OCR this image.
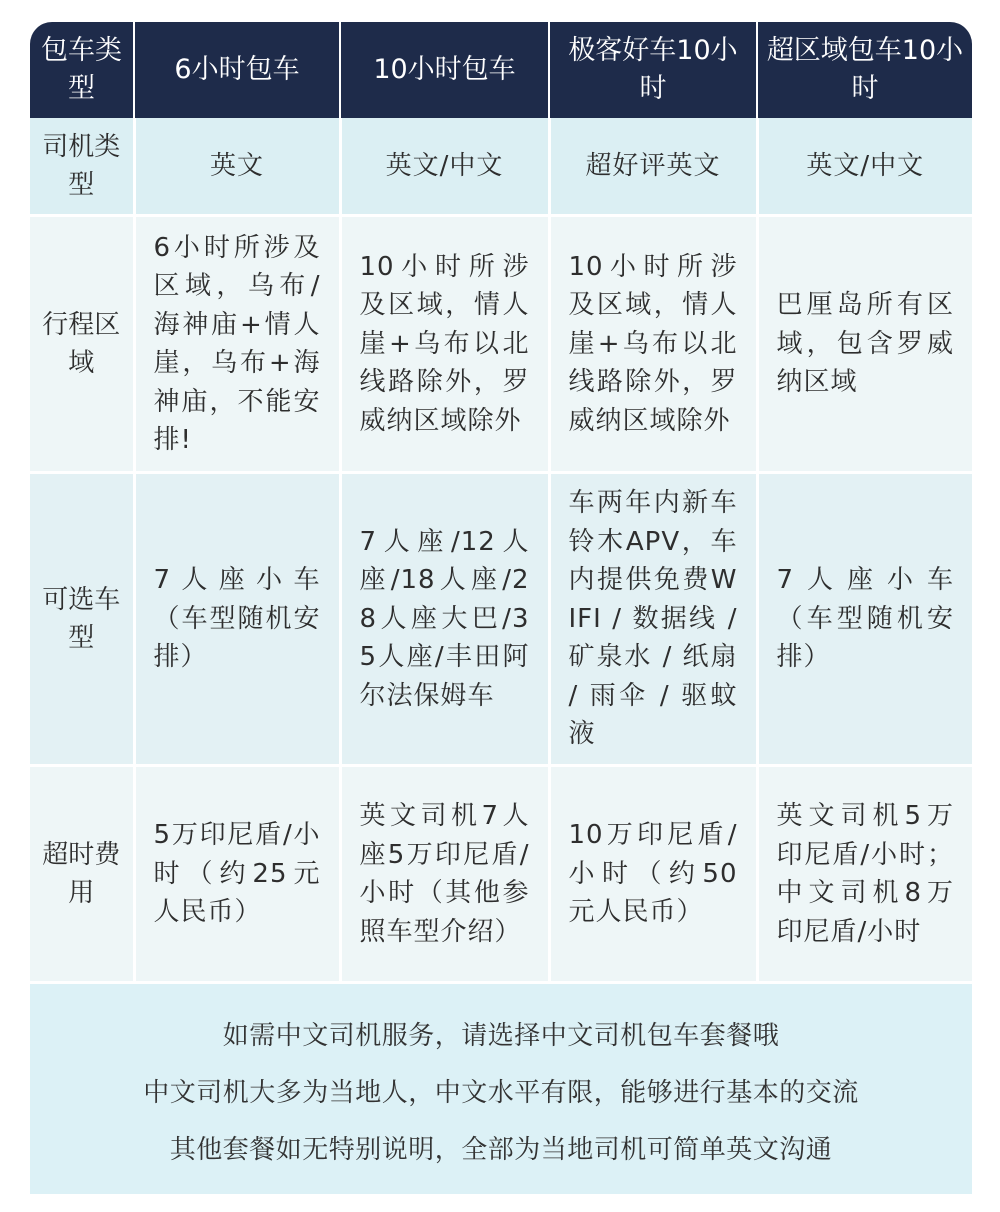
包车类型	6小时包车	10小时包车	极客好车10小时	超区域包车10小时
司机类型	英文	英文/中文	超好评英文	英文/中文
行程区域	6小时所涉及区域，乌布/海神庙+情人崖，乌布+海神庙，不能安排!	10小时所涉及区域，情人崖+乌布以北线路除外，罗威纳区域除外	10小时所涉及区域，情人崖+乌布以北线路除外，罗威纳区域除外	巴厘岛所有区域，包含罗威纳区域
可选车型	7人座小车（车型随机安排）	7人座/12人座/18人座/28人座大巴/35人座/丰田阿尔法保姆车	车两年内新车铃木APV，车内提供免费WIFI / 数据线 / 矿泉水 / 纸扇 / 雨伞 / 驱蚊液	7人座小车（车型随机安排）
超时费用	5万印尼盾/小时（约25元人民币）	英文司机7人座5万印尼盾/小时（其他参照车型介绍）	10万印尼盾/小时（约50元人民币）	英文司机5万印尼盾/小时；中文司机8万印尼盾/小时
如需中文司机服务，请选择中文司机包车套餐哦
中文司机大多为当地人，中文水平有限，能够进行基本的交流
其他套餐如无特别说明，全部为当地司机可简单英文沟通
